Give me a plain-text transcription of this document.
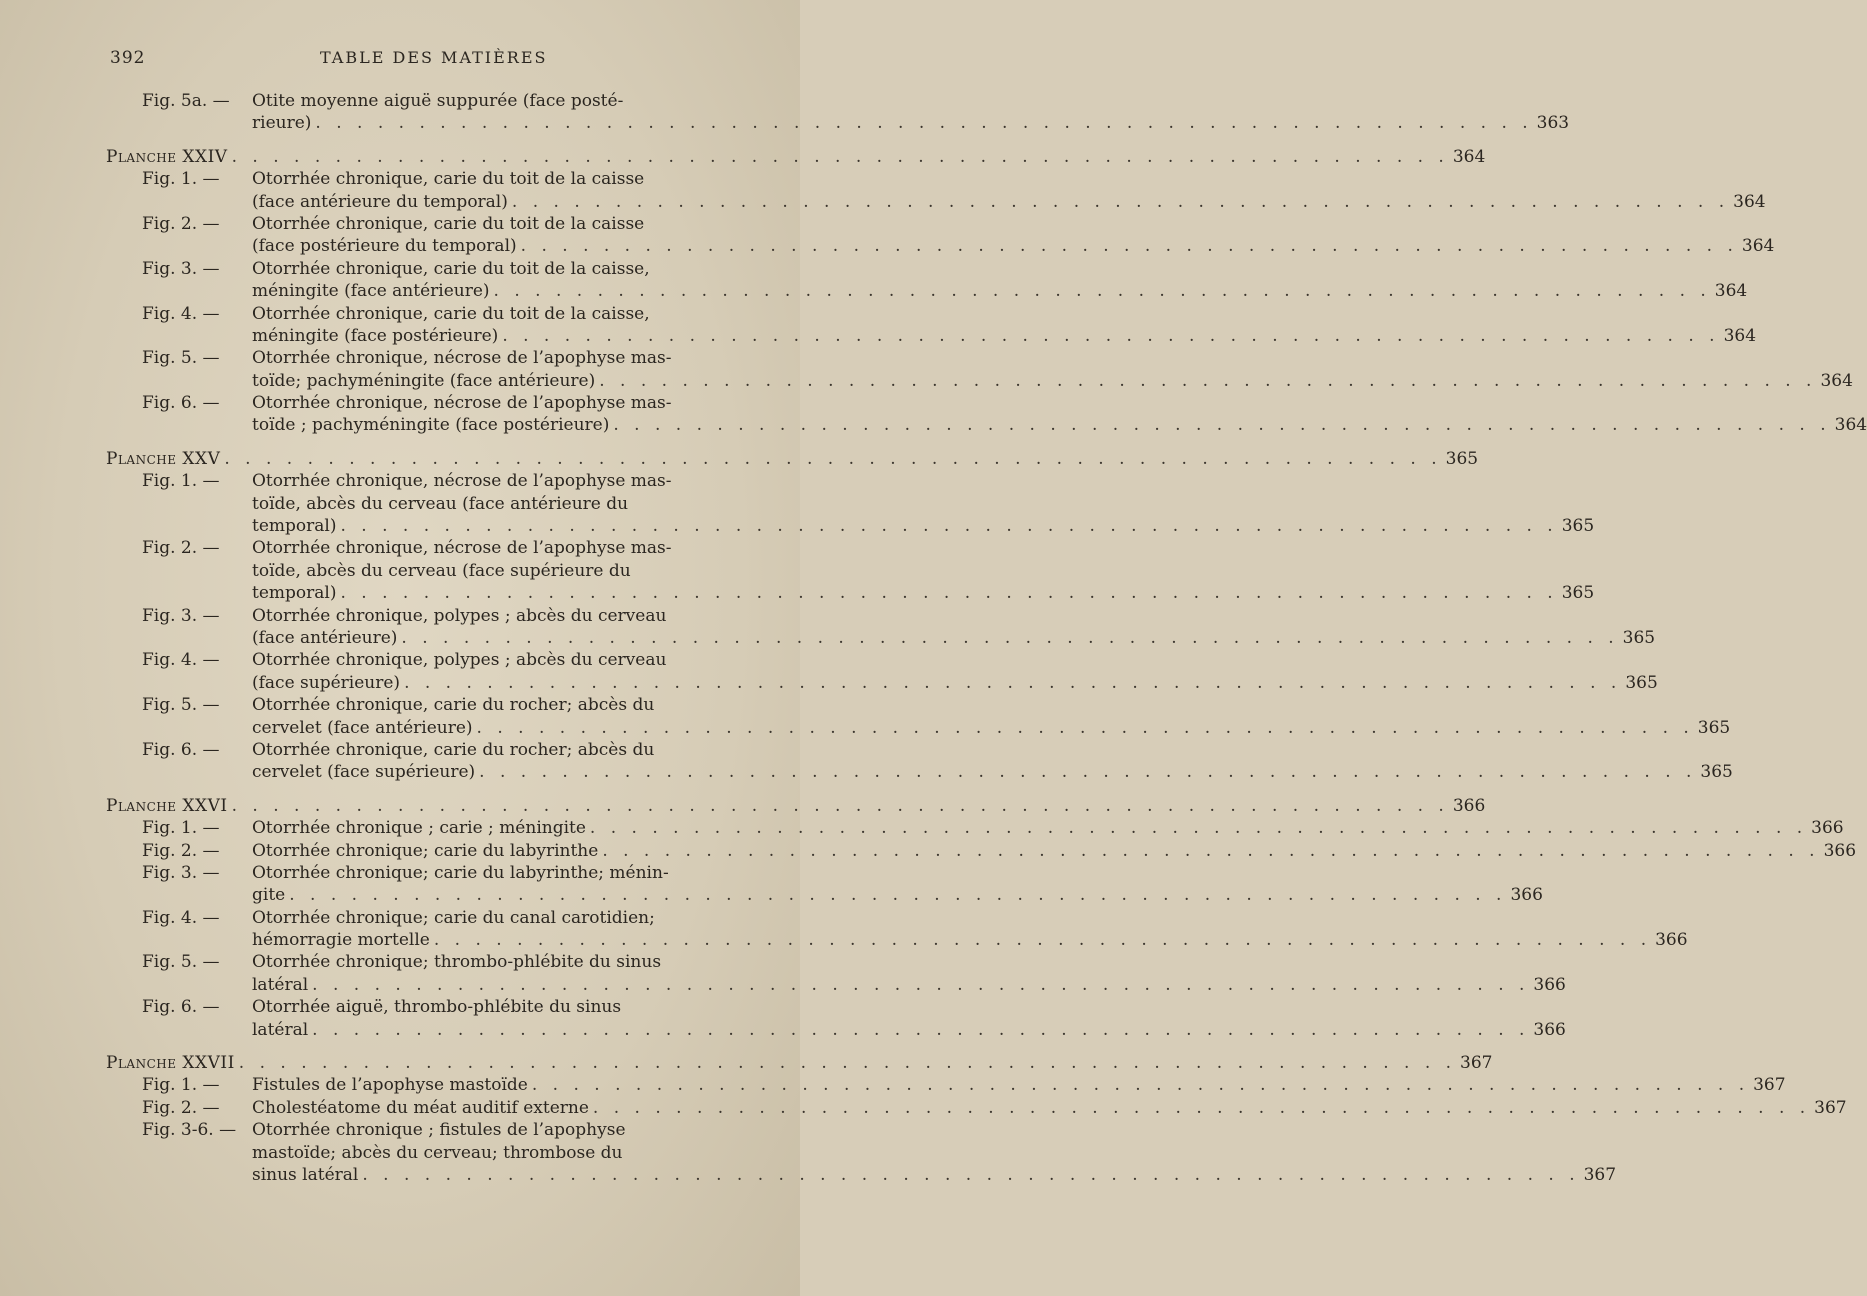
392	TABLE DES MATIÈRES
Fig. 5a. —	Otite moyenne aiguë suppurée (face posté-
rieure) . . .	363
Planche XXIV . . .	364
Fig. 1. —	Otorrhée chronique, carie du toit de la caisse
(face antérieure du temporal) . . .	364
Fig. 2. —	Otorrhée chronique, carie du toit de la caisse
(face postérieure du temporal) . . .	364
Fig. 3. —	Otorrhée chronique, carie du toit de la caisse,
méningite (face antérieure) . . .	364
Fig. 4. —	Otorrhée chronique, carie du toit de la caisse,
méningite (face postérieure) . . .	364
Fig. 5. —	Otorrhée chronique, nécrose de l’apophyse mas-
toïde; pachyméningite (face antérieure) . . .	364
Fig. 6. —	Otorrhée chronique, nécrose de l’apophyse mas-
toïde ; pachyméningite (face postérieure) . . .	364
Planche XXV . . .	365
Fig. 1. —	Otorrhée chronique, nécrose de l’apophyse mas-
toïde, abcès du cerveau (face antérieure du
temporal) . . .	365
Fig. 2. —	Otorrhée chronique, nécrose de l’apophyse mas-
toïde, abcès du cerveau (face supérieure du
temporal) . . .	365
Fig. 3. —	Otorrhée chronique, polypes ; abcès du cerveau
(face antérieure) . . .	365
Fig. 4. —	Otorrhée chronique, polypes ; abcès du cerveau
(face supérieure) . . .	365
Fig. 5. —	Otorrhée chronique, carie du rocher; abcès du
cervelet (face antérieure) . . .	365
Fig. 6. —	Otorrhée chronique, carie du rocher; abcès du
cervelet (face supérieure) . . .	365
Planche XXVI . . .	366
Fig. 1. —	Otorrhée chronique ; carie ; méningite . . .	366
Fig. 2. —	Otorrhée chronique; carie du labyrinthe . . .	366
Fig. 3. —	Otorrhée chronique; carie du labyrinthe; ménin-
gite . . .	366
Fig. 4. —	Otorrhée chronique; carie du canal carotidien;
hémorragie mortelle . . .	366
Fig. 5. —	Otorrhée chronique; thrombo-phlébite du sinus
latéral . . .	366
Fig. 6. —	Otorrhée aiguë, thrombo-phlébite du sinus
latéral . . .	366
Planche XXVII . . .	367
Fig. 1. —	Fistules de l’apophyse mastoïde . . .	367
Fig. 2. —	Cholestéatome du méat auditif externe . . .	367
Fig. 3-6. — Otorrhée chronique ; fistules de l’apophyse
mastoïde; abcès du cerveau; thrombose du
sinus latéral . . .	367
